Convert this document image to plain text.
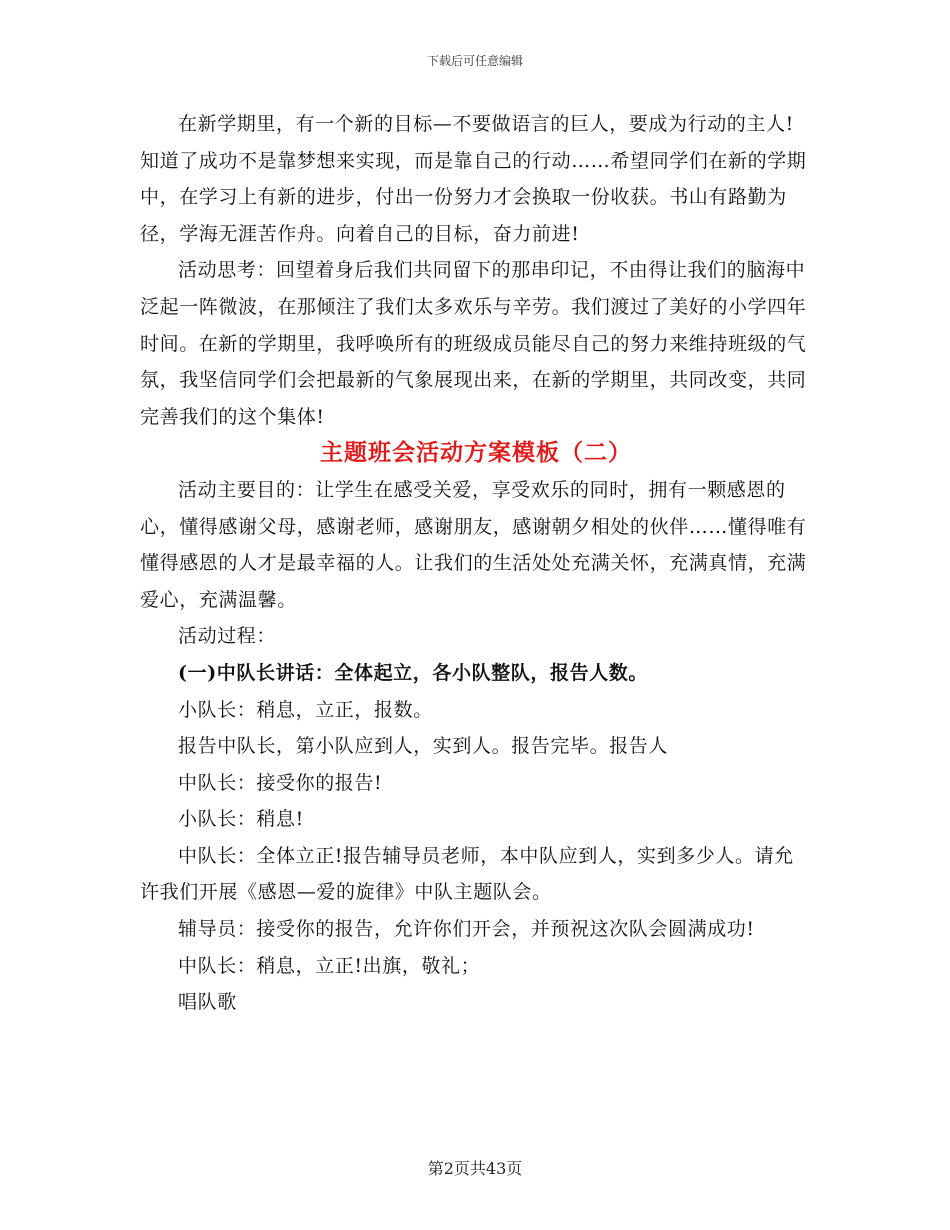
下载后可任意编辑

在新学期里，有一个新的目标—不要做语言的巨人，要成为行动的主人!知道了成功不是靠梦想来实现，而是靠自己的行动……希望同学们在新的学期中，在学习上有新的进步，付出一份努力才会换取一份收获。书山有路勤为径，学海无涯苦作舟。向着自己的目标，奋力前进!

活动思考：回望着身后我们共同留下的那串印记，不由得让我们的脑海中泛起一阵微波，在那倾注了我们太多欢乐与辛劳。我们渡过了美好的小学四年时间。在新的学期里，我呼唤所有的班级成员能尽自己的努力来维持班级的气氛，我坚信同学们会把最新的气象展现出来，在新的学期里，共同改变，共同完善我们的这个集体!

主题班会活动方案模板（二）

活动主要目的：让学生在感受关爱，享受欢乐的同时，拥有一颗感恩的心，懂得感谢父母，感谢老师，感谢朋友，感谢朝夕相处的伙伴……懂得唯有懂得感恩的人才是最幸福的人。让我们的生活处处充满关怀，充满真情，充满爱心，充满温馨。

活动过程：

(一)中队长讲话：全体起立，各小队整队，报告人数。

小队长：稍息，立正，报数。

报告中队长，第小队应到人，实到人。报告完毕。报告人

中队长：接受你的报告!

小队长：稍息!

中队长：全体立正!报告辅导员老师，本中队应到人，实到多少人。请允许我们开展《感恩—爱的旋律》中队主题队会。

辅导员：接受你的报告，允许你们开会，并预祝这次队会圆满成功!

中队长：稍息，立正!出旗，敬礼；

唱队歌

第2页共43页
